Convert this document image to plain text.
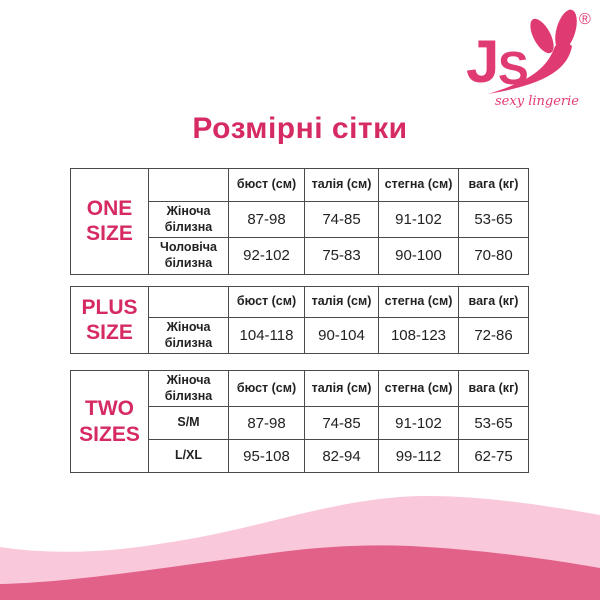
J
S
®
sexy lingerie
Розмірні сітки
ONE
SIZE		бюст (см)	талія (см)	стегна (см)	вага (кг)
	Жіноча білизна	87-98	74-85	91-102	53-65
	Чоловіча білизна	92-102	75-83	90-100	70-80
PLUS
SIZE		бюст (см)	талія (см)	стегна (см)	вага (кг)
	Жіноча білизна	104-118	90-104	108-123	72-86
TWO
SIZES	Жіноча білизна	бюст (см)	талія (см)	стегна (см)	вага (кг)
	S/M	87-98	74-85	91-102	53-65
	L/XL	95-108	82-94	99-112	62-75
